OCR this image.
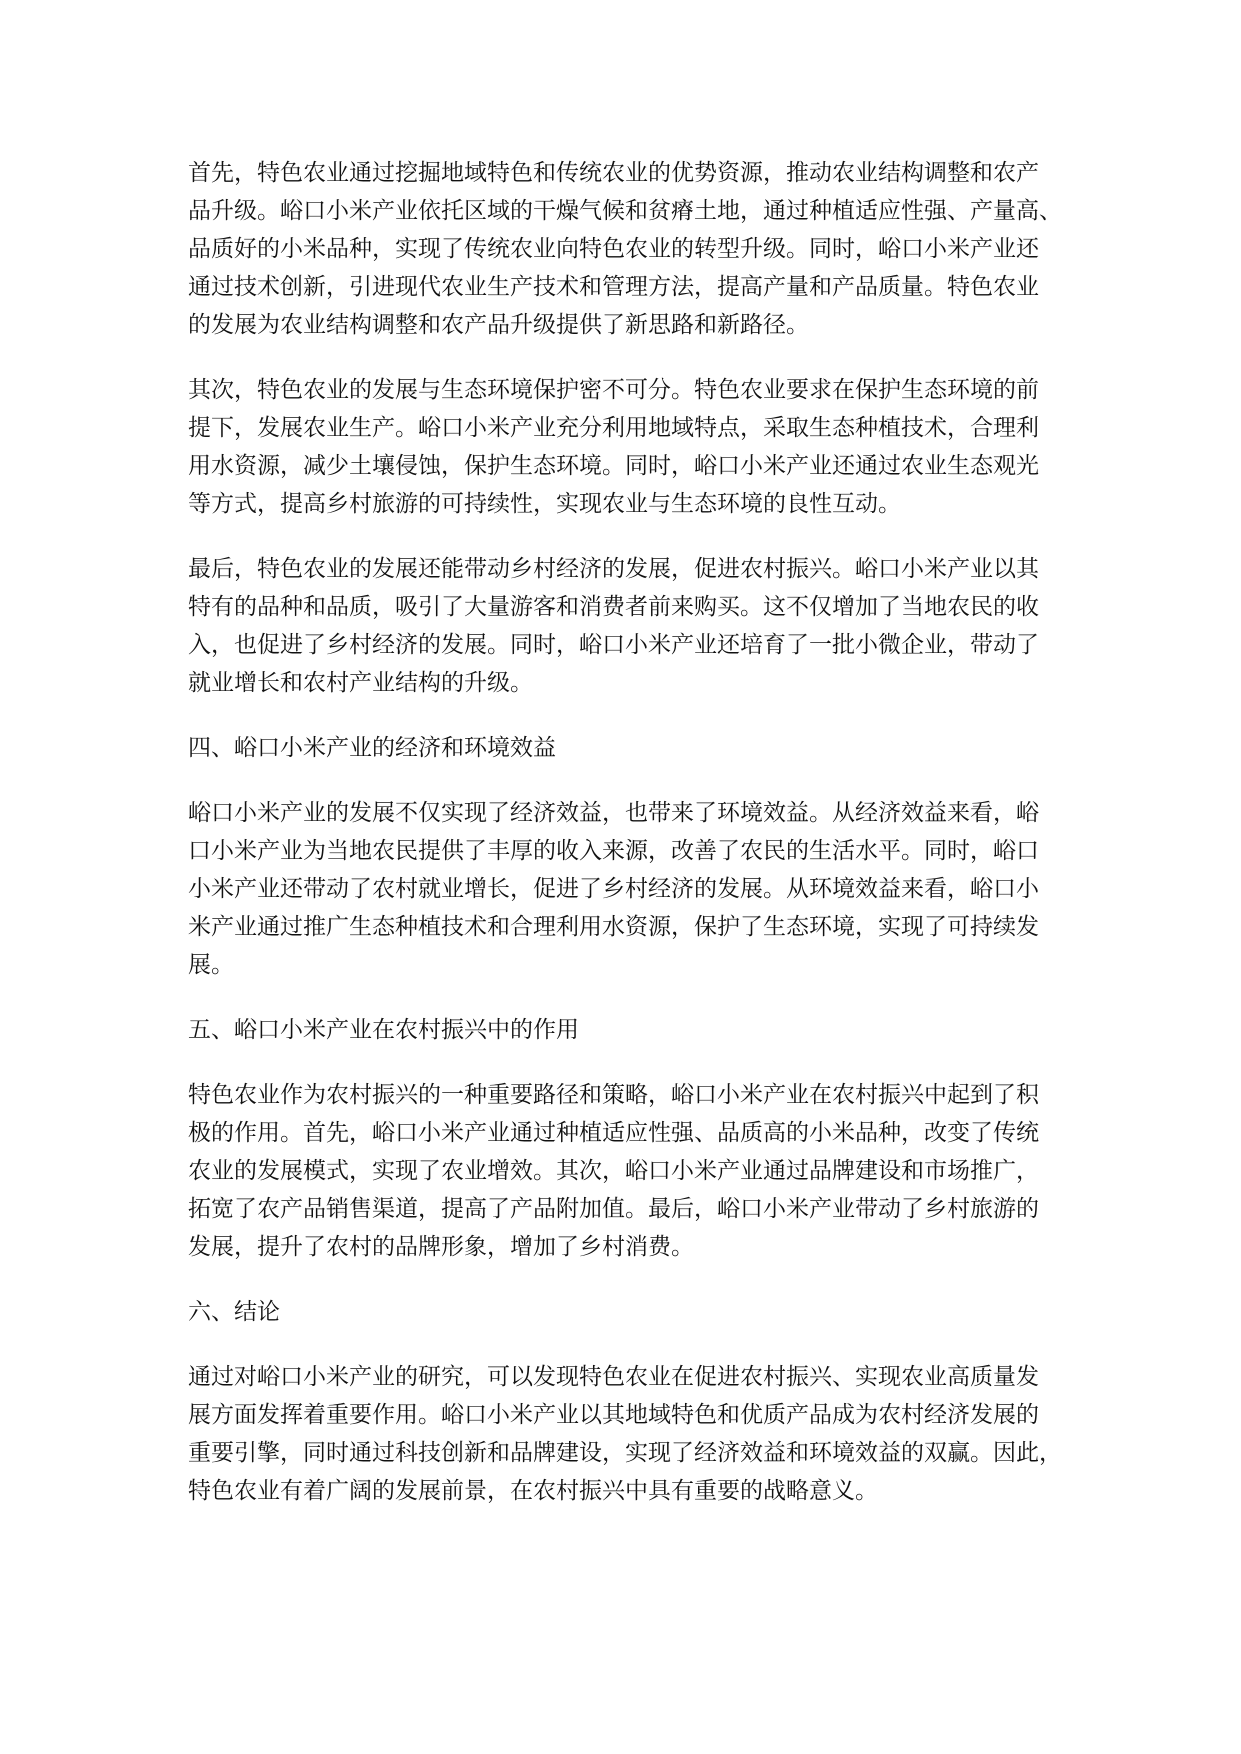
首先，特色农业通过挖掘地域特色和传统农业的优势资源，推动农业结构调整和农产
品升级。峪口小米产业依托区域的干燥气候和贫瘠土地，通过种植适应性强、产量高、
品质好的小米品种，实现了传统农业向特色农业的转型升级。同时，峪口小米产业还
通过技术创新，引进现代农业生产技术和管理方法，提高产量和产品质量。特色农业
的发展为农业结构调整和农产品升级提供了新思路和新路径。
其次，特色农业的发展与生态环境保护密不可分。特色农业要求在保护生态环境的前
提下，发展农业生产。峪口小米产业充分利用地域特点，采取生态种植技术，合理利
用水资源，减少土壤侵蚀，保护生态环境。同时，峪口小米产业还通过农业生态观光
等方式，提高乡村旅游的可持续性，实现农业与生态环境的良性互动。
最后，特色农业的发展还能带动乡村经济的发展，促进农村振兴。峪口小米产业以其
特有的品种和品质，吸引了大量游客和消费者前来购买。这不仅增加了当地农民的收
入，也促进了乡村经济的发展。同时，峪口小米产业还培育了一批小微企业，带动了
就业增长和农村产业结构的升级。
四、峪口小米产业的经济和环境效益
峪口小米产业的发展不仅实现了经济效益，也带来了环境效益。从经济效益来看，峪
口小米产业为当地农民提供了丰厚的收入来源，改善了农民的生活水平。同时，峪口
小米产业还带动了农村就业增长，促进了乡村经济的发展。从环境效益来看，峪口小
米产业通过推广生态种植技术和合理利用水资源，保护了生态环境，实现了可持续发
展。
五、峪口小米产业在农村振兴中的作用
特色农业作为农村振兴的一种重要路径和策略，峪口小米产业在农村振兴中起到了积
极的作用。首先，峪口小米产业通过种植适应性强、品质高的小米品种，改变了传统
农业的发展模式，实现了农业增效。其次，峪口小米产业通过品牌建设和市场推广，
拓宽了农产品销售渠道，提高了产品附加值。最后，峪口小米产业带动了乡村旅游的
发展，提升了农村的品牌形象，增加了乡村消费。
六、结论
通过对峪口小米产业的研究，可以发现特色农业在促进农村振兴、实现农业高质量发
展方面发挥着重要作用。峪口小米产业以其地域特色和优质产品成为农村经济发展的
重要引擎，同时通过科技创新和品牌建设，实现了经济效益和环境效益的双赢。因此，
特色农业有着广阔的发展前景，在农村振兴中具有重要的战略意义。
